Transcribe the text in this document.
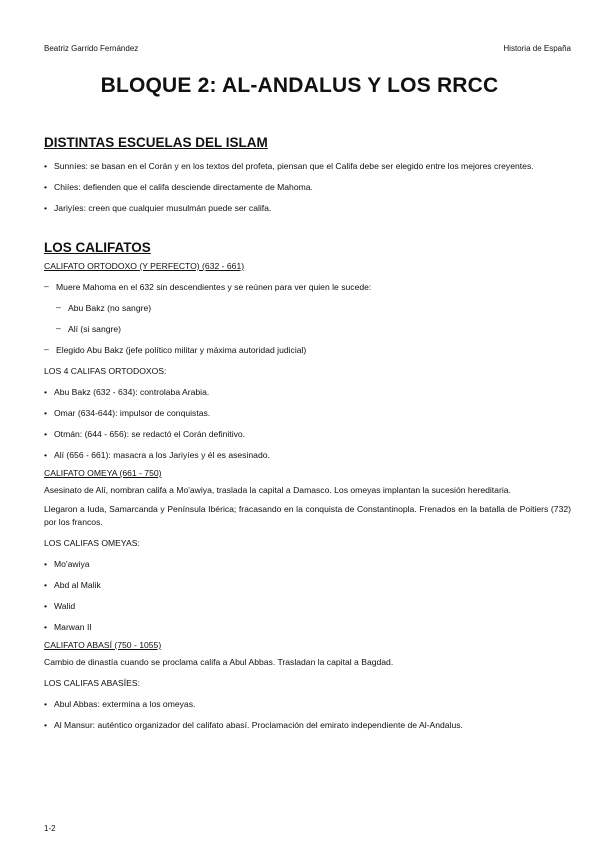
Beatriz Garrido Fernández	Historia de España
BLOQUE 2: AL-ANDALUS Y LOS RRCC
DISTINTAS ESCUELAS DEL ISLAM

• Sunníes: se basan en el Corán y en los textos del profeta, piensan que el Califa debe ser elegido entre los mejores creyentes.

• Chiíes: defienden que el califa desciende directamente de Mahoma.

• Jariyíes: creen que cualquier musulmán puede ser califa.

LOS CALIFATOS

CALIFATO ORTODOXO (Y PERFECTO) (632 - 661)

‒ Muere Mahoma en el 632 sin descendientes y se reúnen para ver quien le sucede:

‒ Abu Bakz (no sangre)

‒ Alí (si sangre)

‒ Elegido Abu Bakz (jefe político militar y máxima autoridad judicial)

LOS 4 CALIFAS ORTODOXOS:

• Abu Bakz (632 - 634): controlaba Arabia.

• Omar (634-644): impulsor de conquistas.

• Otmán: (644 - 656): se redactó el Corán definitivo.

• Alí (656 - 661): masacra a los Jariyíes y él es asesinado.

CALIFATO OMEYA (661 - 750)

Asesinato de Alí, nombran califa a Mo'awiya, traslada la capital a Damasco. Los omeyas implantan la sucesión hereditaria.

Llegaron a Iuda, Samarcanda y Península Ibérica; fracasando en la conquista de Constantinopla. Frenados en la batalla de Poitiers (732) por los francos.

LOS CALIFAS OMEYAS:

• Mo'awiya

• Abd al Malik

• Walid

• Marwan II

CALIFATO ABASÍ (750 - 1055)

Cambio de dinastía cuando se proclama califa a Abul Abbas. Trasladan la capital a Bagdad.

LOS CALIFAS ABASÍES:

• Abul Abbas: extermina a los omeyas.

• Al Mansur: auténtico organizador del califato abasí. Proclamación del emirato independiente de Al-Andalus.

1-2
